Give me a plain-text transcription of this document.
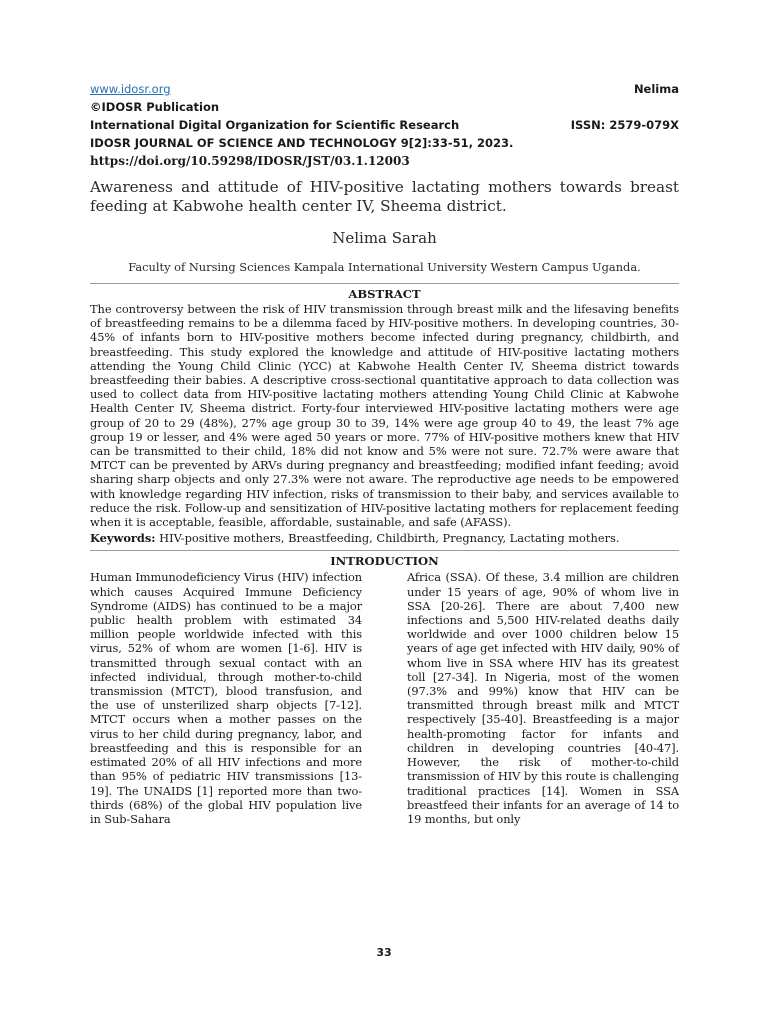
www.idosr.org	Nelima
©IDOSR Publication
International Digital Organization for Scientific Research	ISSN: 2579-079X
IDOSR JOURNAL OF SCIENCE AND TECHNOLOGY 9[2]:33-51, 2023.
https://doi.org/10.59298/IDOSR/JST/03.1.12003
Awareness and attitude of HIV-positive lactating mothers towards breast feeding at Kabwohe health center IV, Sheema district.
Nelima Sarah
Faculty of Nursing Sciences Kampala International University Western Campus Uganda.
ABSTRACT
The controversy between the risk of HIV transmission through breast milk and the lifesaving benefits of breastfeeding remains to be a dilemma faced by HIV-positive mothers. In developing countries, 30-45% of infants born to HIV-positive mothers become infected during pregnancy, childbirth, and breastfeeding. This study explored the knowledge and attitude of HIV-positive lactating mothers attending the Young Child Clinic (YCC) at Kabwohe Health Center IV, Sheema district towards breastfeeding their babies. A descriptive cross-sectional quantitative approach to data collection was used to collect data from HIV-positive lactating mothers attending Young Child Clinic at Kabwohe Health Center IV, Sheema district. Forty-four interviewed HIV-positive lactating mothers were age group of 20 to 29 (48%), 27% age group 30 to 39, 14% were age group 40 to 49, the least 7% age group 19 or lesser, and 4% were aged 50 years or more. 77% of HIV-positive mothers knew that HIV can be transmitted to their child, 18% did not know and 5% were not sure. 72.7% were aware that MTCT can be prevented by ARVs during pregnancy and breastfeeding; modified infant feeding; avoid sharing sharp objects and only 27.3% were not aware. The reproductive age needs to be empowered with knowledge regarding HIV infection, risks of transmission to their baby, and services available to reduce the risk. Follow-up and sensitization of HIV-positive lactating mothers for replacement feeding when it is acceptable, feasible, affordable, sustainable, and safe (AFASS).
Keywords: HIV-positive mothers, Breastfeeding, Childbirth, Pregnancy, Lactating mothers.
INTRODUCTION
Human Immunodeficiency Virus (HIV) infection which causes Acquired Immune Deficiency Syndrome (AIDS) has continued to be a major public health problem with estimated 34 million people worldwide infected with this virus, 52% of whom are women [1-6]. HIV is transmitted through sexual contact with an infected individual, through mother-to-child transmission (MTCT), blood transfusion, and the use of unsterilized sharp objects [7-12]. MTCT occurs when a mother passes on the virus to her child during pregnancy, labor, and breastfeeding and this is responsible for an estimated 20% of all HIV infections and more than 95% of pediatric HIV transmissions [13-19]. The UNAIDS [1] reported more than two-thirds (68%) of the global HIV population live in Sub-Sahara
Africa (SSA). Of these, 3.4 million are children under 15 years of age, 90% of whom live in SSA [20-26]. There are about 7,400 new infections and 5,500 HIV-related deaths daily worldwide and over 1000 children below 15 years of age get infected with HIV daily, 90% of whom live in SSA where HIV has its greatest toll [27-34]. In Nigeria, most of the women (97.3% and 99%) know that HIV can be transmitted through breast milk and MTCT respectively [35-40]. Breastfeeding is a major health-promoting factor for infants and children in developing countries [40-47]. However, the risk of mother-to-child transmission of HIV by this route is challenging traditional practices [14]. Women in SSA breastfeed their infants for an average of 14 to 19 months, but only
33
